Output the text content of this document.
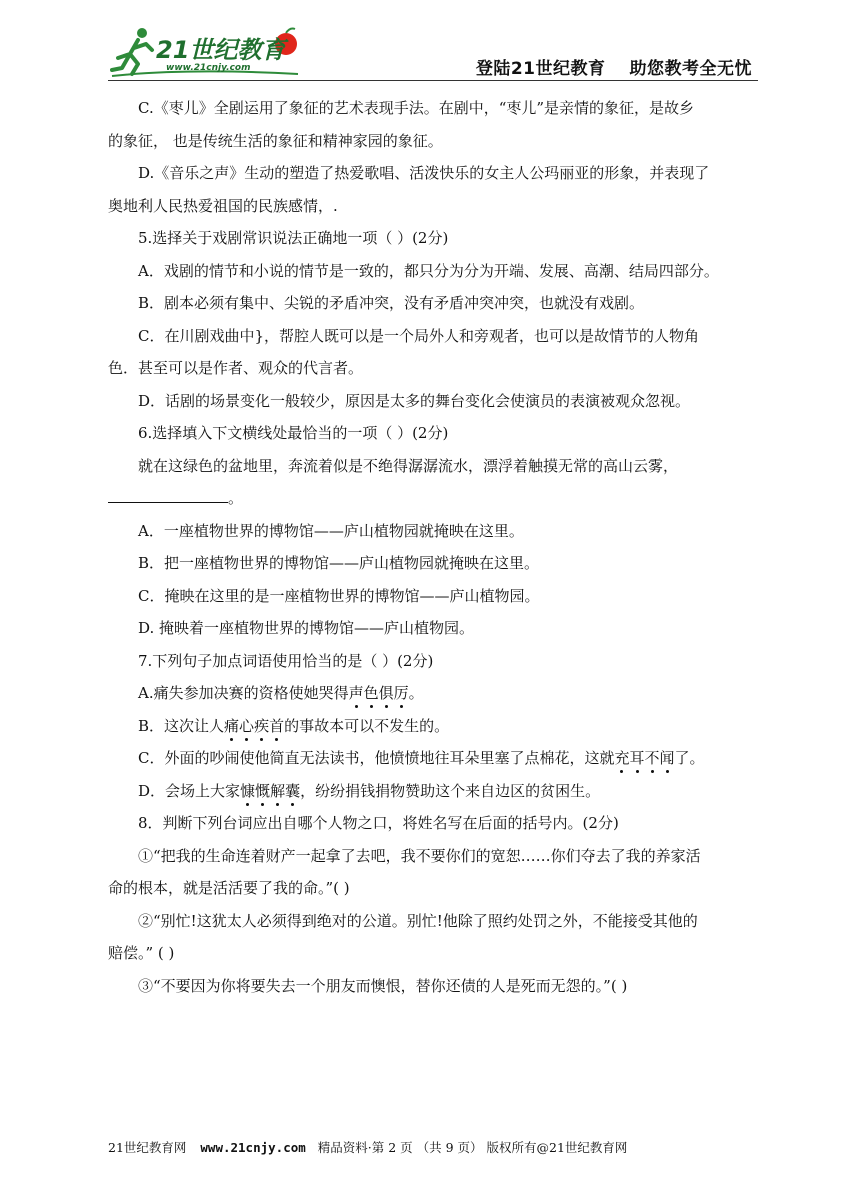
21世纪教育
www.21cnjy.com	登陆21世纪教育 助您教考全无忧
C.《枣儿》全剧运用了象征的艺术表现手法。在剧中，“枣儿”是亲情的象征，是故乡
的象征， 也是传统生活的象征和精神家园的象征。
D.《音乐之声》生动的塑造了热爱歌唱、活泼快乐的女主人公玛丽亚的形象，并表现了
奥地利人民热爱祖国的民族感情，.
5.选择关于戏剧常识说法正确地一项（ ）(2分)
A．戏剧的情节和小说的情节是一致的，都只分为分为开端、发展、高潮、结局四部分。
B．剧本必须有集中、尖锐的矛盾冲突，没有矛盾冲突冲突，也就没有戏剧。
C．在川剧戏曲中}，帮腔人既可以是一个局外人和旁观者，也可以是故情节的人物角
色．甚至可以是作者、观众的代言者。
D．话剧的场景变化一般较少，原因是太多的舞台变化会使演员的表演被观众忽视。
6.选择填入下文横线处最恰当的一项（ ）(2分)
就在这绿色的盆地里，奔流着似是不绝得潺潺流水，漂浮着触摸无常的高山云雾，
。
A．一座植物世界的博物馆——庐山植物园就掩映在这里。
B．把一座植物世界的博物馆——庐山植物园就掩映在这里。
C．掩映在这里的是一座植物世界的博物馆——庐山植物园。
D. 掩映着一座植物世界的博物馆——庐山植物园。
7.下列句子加点词语使用恰当的是（ ）(2分)
A.痛失参加决赛的资格使她哭得声色俱厉。
B．这次让人痛心疾首的事故本可以不发生的。
C．外面的吵闹使他简直无法读书，他愤愤地往耳朵里塞了点棉花，这就充耳不闻了。
D．会场上大家慷慨解囊，纷纷捐钱捐物赞助这个来自边区的贫困生。
8．判断下列台词应出自哪个人物之口，将姓名写在后面的括号内。(2分)
①“把我的生命连着财产一起拿了去吧，我不要你们的宽恕……你们夺去了我的养家活
命的根本，就是活活要了我的命。”( )
②“别忙!这犹太人必须得到绝对的公道。别忙!他除了照约处罚之外，不能接受其他的
赔偿。” ( )
③“不要因为你将要失去一个朋友而懊恨，替你还债的人是死而无怨的。”( )
21世纪教育网 www.21cnjy.com 精品资料·第 2 页 （共 9 页） 版权所有@21世纪教育网
